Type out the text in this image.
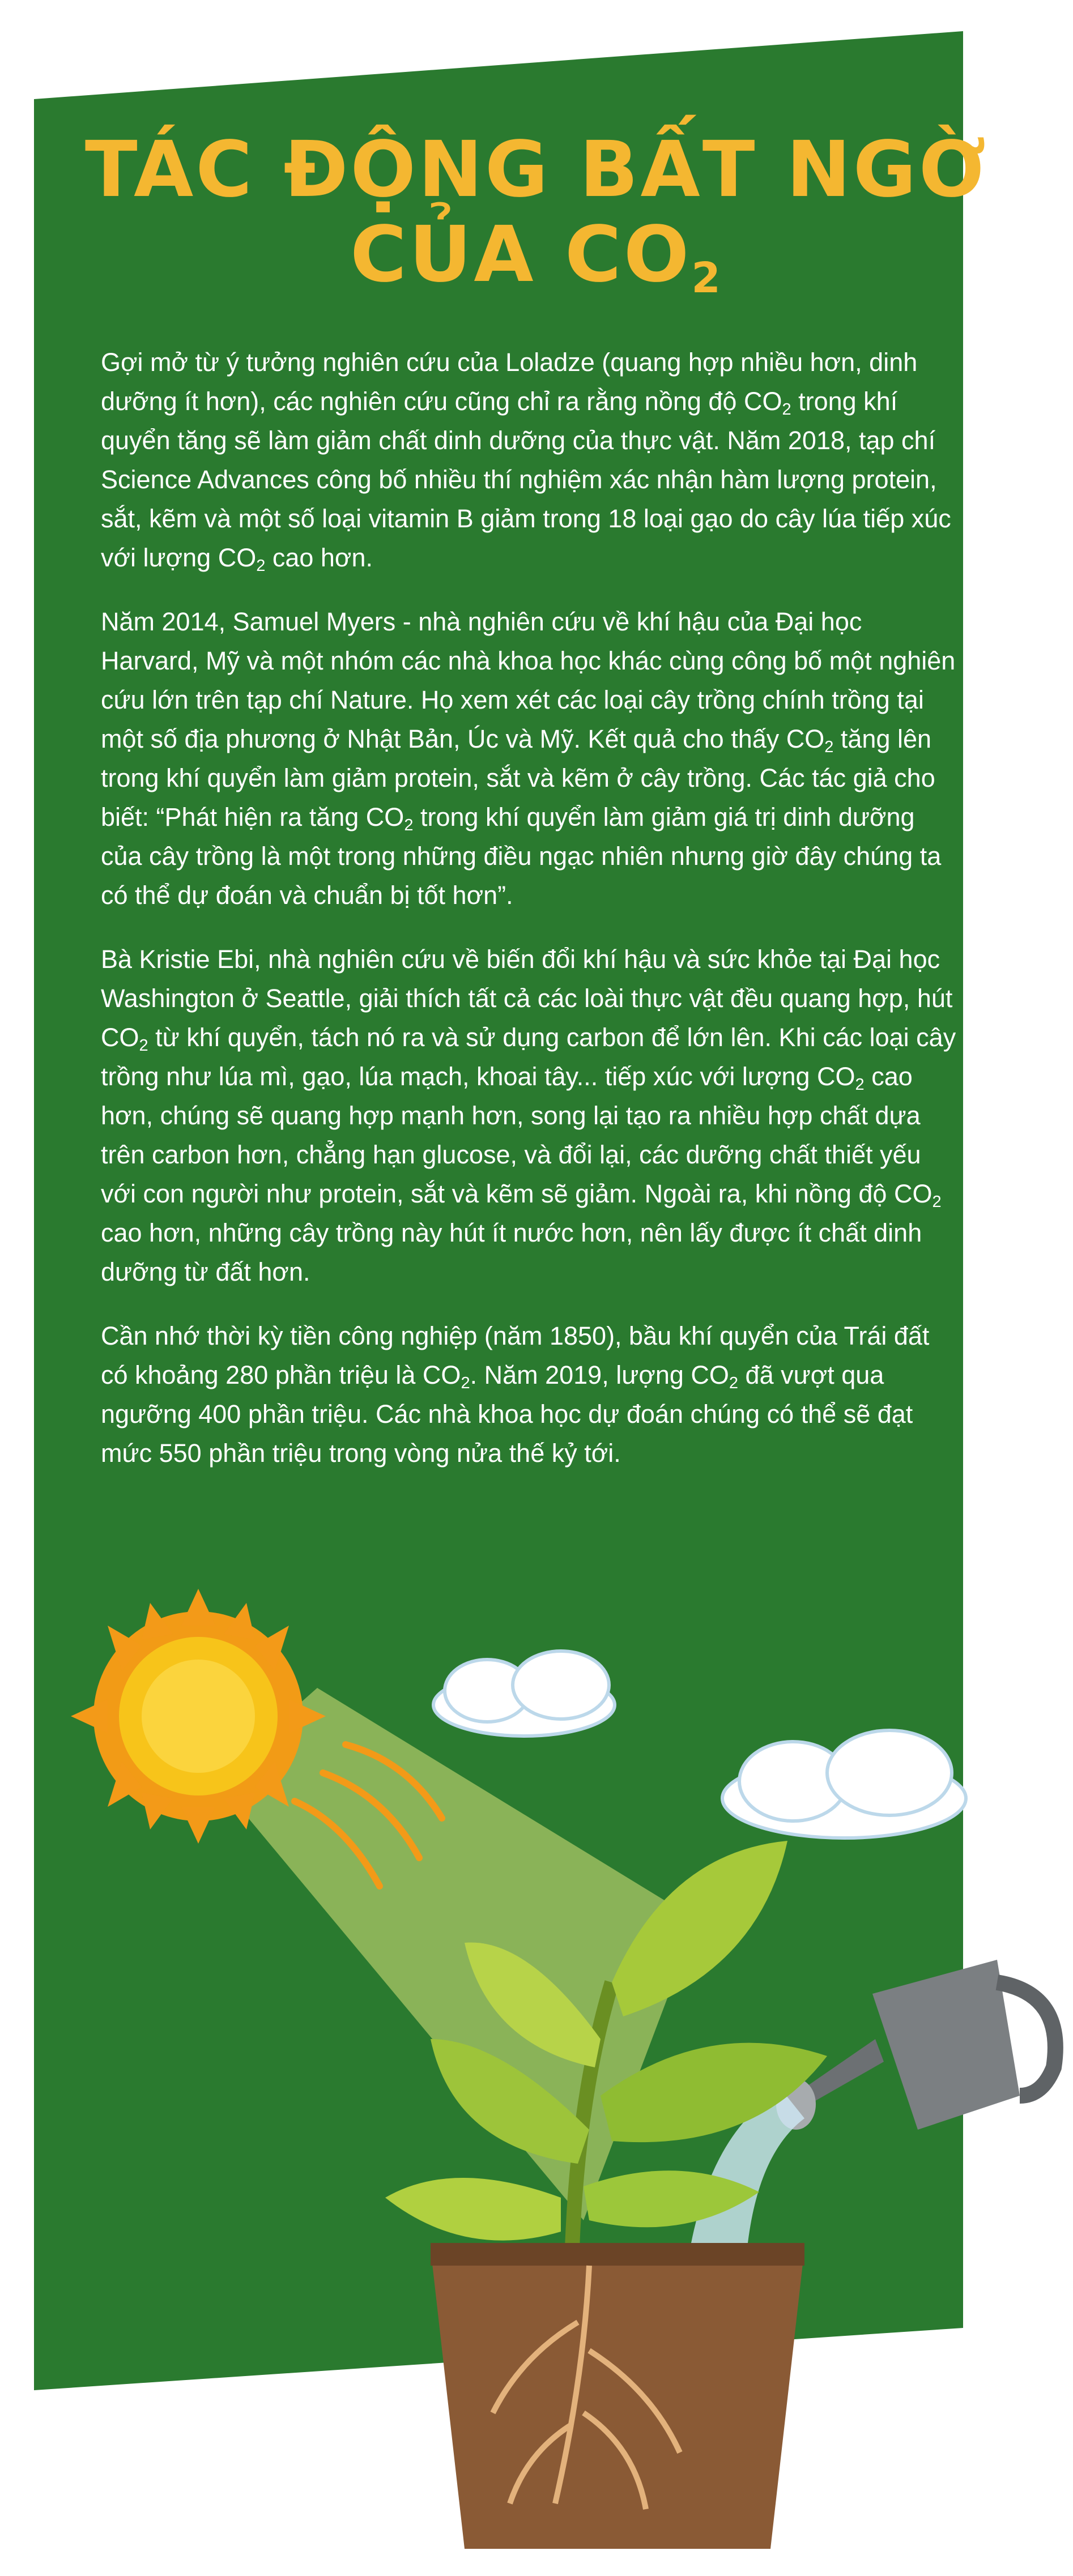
TÁC ĐỘNG BẤT NGỜ
CỦA $CO_2$

Gợi mở từ ý tưởng nghiên cứu của Loladze (quang hợp nhiều hơn, dinh dưỡng ít hơn), các nghiên cứu cũng chỉ ra rằng nồng độ $CO_2$ trong khí quyển tăng sẽ làm giảm chất dinh dưỡng của thực vật. Năm 2018, tạp chí Science Advances công bố nhiều thí nghiệm xác nhận hàm lượng protein, sắt, kẽm và một số loại vitamin B giảm trong 18 loại gạo do cây lúa tiếp xúc với lượng $CO_2$ cao hơn.

Năm 2014, Samuel Myers - nhà nghiên cứu về khí hậu của Đại học Harvard, Mỹ và một nhóm các nhà khoa học khác cùng công bố một nghiên cứu lớn trên tạp chí Nature. Họ xem xét các loại cây trồng chính trồng tại một số địa phương ở Nhật Bản, Úc và Mỹ. Kết quả cho thấy $CO_2$ tăng lên trong khí quyển làm giảm protein, sắt và kẽm ở cây trồng. Các tác giả cho biết: “Phát hiện ra tăng $CO_2$ trong khí quyển làm giảm giá trị dinh dưỡng của cây trồng là một trong những điều ngạc nhiên nhưng giờ đây chúng ta có thể dự đoán và chuẩn bị tốt hơn”.

Bà Kristie Ebi, nhà nghiên cứu về biến đổi khí hậu và sức khỏe tại Đại học Washington ở Seattle, giải thích tất cả các loài thực vật đều quang hợp, hút $CO_2$ từ khí quyển, tách nó ra và sử dụng carbon để lớn lên. Khi các loại cây trồng như lúa mì, gạo, lúa mạch, khoai tây... tiếp xúc với lượng $CO_2$ cao hơn, chúng sẽ quang hợp mạnh hơn, song lại tạo ra nhiều hợp chất dựa trên carbon hơn, chẳng hạn glucose, và đổi lại, các dưỡng chất thiết yếu với con người như protein, sắt và kẽm sẽ giảm. Ngoài ra, khi nồng độ $CO_2$ cao hơn, những cây trồng này hút ít nước hơn, nên lấy được ít chất dinh dưỡng từ đất hơn.

Cần nhớ thời kỳ tiền công nghiệp (năm 1850), bầu khí quyển của Trái đất có khoảng 280 phần triệu là $CO_2$. Năm 2019, lượng $CO_2$ đã vượt qua ngưỡng 400 phần triệu. Các nhà khoa học dự đoán chúng có thể sẽ đạt mức 550 phần triệu trong vòng nửa thế kỷ tới.
